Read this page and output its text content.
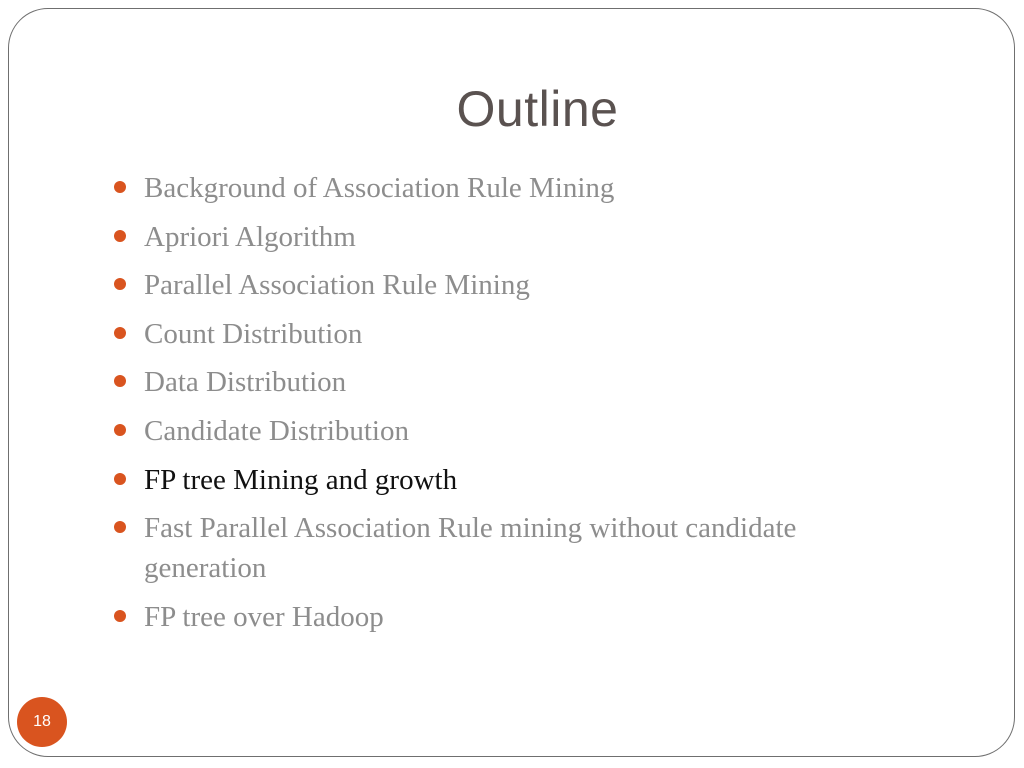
Outline
Background of Association Rule Mining
Apriori Algorithm
Parallel Association Rule Mining
Count Distribution
Data Distribution
Candidate Distribution
FP tree Mining and growth
Fast Parallel Association Rule mining without candidate generation
FP tree over Hadoop
18
